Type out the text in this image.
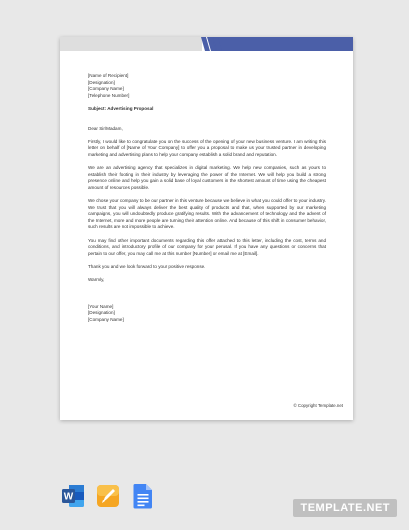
[Name of Recipient]
[Designation]
[Company Name]
[Telephone Number]
Subject: Advertising Proposal
Dear Sir/Madam,
Firstly, I would like to congratulate you on the success of the opening of your new business venture. I am writing this letter on behalf of [Name of Your Company] to offer you a proposal to make us your trusted partner in developing marketing and advertising plans to help your company establish a solid brand and reputation.
We are an advertising agency that specializes in digital marketing. We help new companies, such as yours to establish their footing in their industry by leveraging the power of the Internet. We will help you build a strong presence online and help you gain a solid base of loyal customers in the shortest amount of time using the cheapest amount of resources possible.
We chose your company to be our partner in this venture because we believe in what you could offer to your industry. We trust that you will always deliver the best quality of products and that, when supported by our marketing campaigns, you will undoubtedly produce gratifying results. With the advancement of technology and the advent of the Internet, more and more people are turning their attention online. And because of this shift in consumer behavior, such results are not impossible to achieve.
You may find other important documents regarding this offer attached to this letter, including the cost, terms and conditions, and introductory profile of our company for your perusal. If you have any questions or concerns that pertain to our offer, you may call me at this number [Number] or email me at [Email].
Thank you and we look forward to your positive response.
Warmly,
[Your Name]
[Designation]
[Company Name]
© Copyright Template.net
W
TEMPLATE.NET
